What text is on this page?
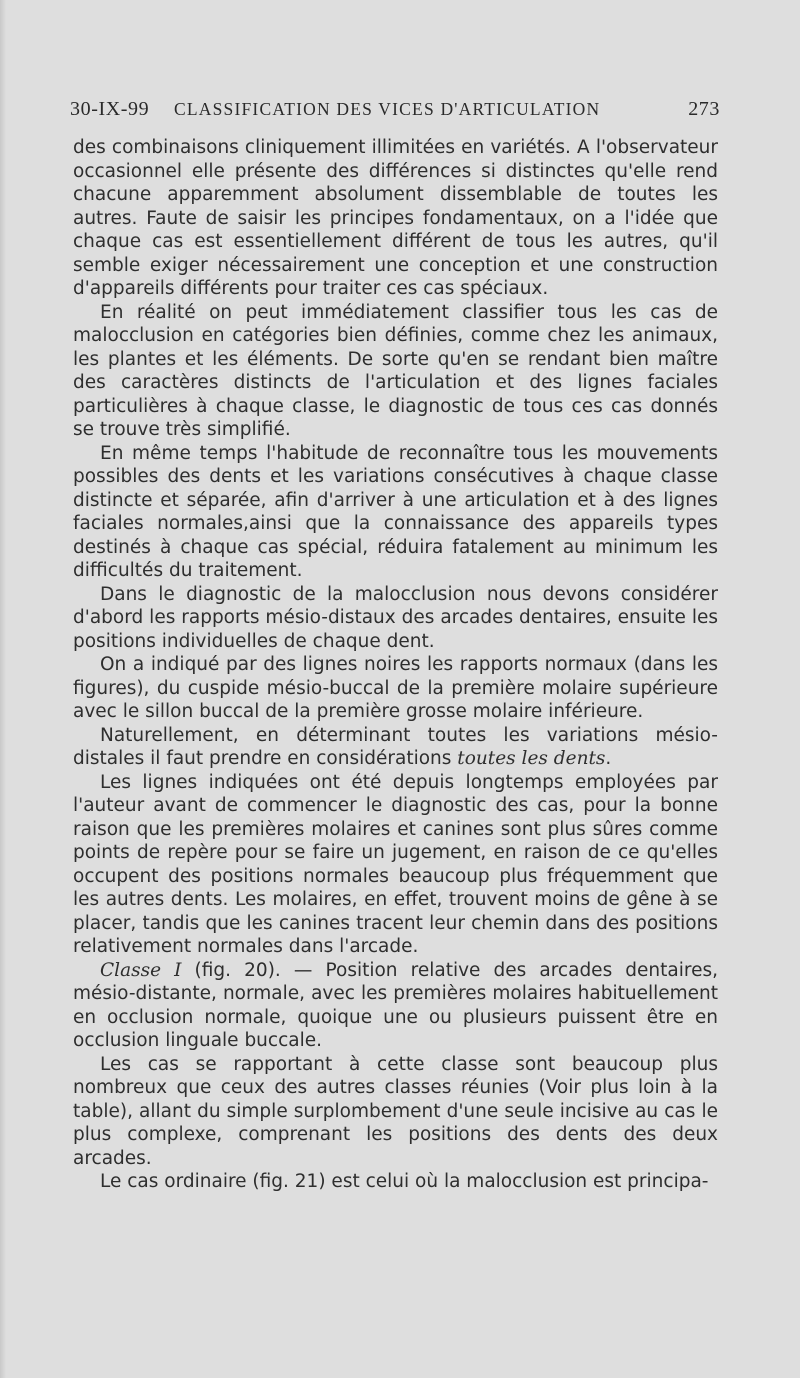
30-IX-99 CLASSIFICATION DES VICES D'ARTICULATION	273

des combinaisons cliniquement illimitées en variétés. A l'observateur occasionnel elle présente des différences si distinctes qu'elle rend chacune apparemment absolument dissemblable de toutes les autres. Faute de saisir les principes fondamentaux, on a l'idée que chaque cas est essentiellement différent de tous les autres, qu'il semble exiger nécessairement une conception et une construction d'appareils différents pour traiter ces cas spéciaux.

En réalité on peut immédiatement classifier tous les cas de malocclusion en catégories bien définies, comme chez les animaux, les plantes et les éléments. De sorte qu'en se rendant bien maître des caractères distincts de l'articulation et des lignes faciales particulières à chaque classe, le diagnostic de tous ces cas donnés se trouve très simplifié.

En même temps l'habitude de reconnaître tous les mouvements possibles des dents et les variations consécutives à chaque classe distincte et séparée, afin d'arriver à une articulation et à des lignes faciales normales,ainsi que la connaissance des appareils types destinés à chaque cas spécial, réduira fatalement au minimum les difficultés du traitement.

Dans le diagnostic de la malocclusion nous devons considérer d'abord les rapports mésio-distaux des arcades dentaires, ensuite les positions individuelles de chaque dent.

On a indiqué par des lignes noires les rapports normaux (dans les figures), du cuspide mésio-buccal de la première molaire supérieure avec le sillon buccal de la première grosse molaire inférieure.

Naturellement, en déterminant toutes les variations mésio-distales il faut prendre en considérations toutes les dents.

Les lignes indiquées ont été depuis longtemps employées par l'auteur avant de commencer le diagnostic des cas, pour la bonne raison que les premières molaires et canines sont plus sûres comme points de repère pour se faire un jugement, en raison de ce qu'elles occupent des positions normales beaucoup plus fréquemment que les autres dents. Les molaires, en effet, trouvent moins de gêne à se placer, tandis que les canines tracent leur chemin dans des positions relativement normales dans l'arcade.

Classe I (fig. 20). — Position relative des arcades dentaires, mésio-distante, normale, avec les premières molaires habituellement en occlusion normale, quoique une ou plusieurs puissent être en occlusion linguale buccale.

Les cas se rapportant à cette classe sont beaucoup plus nombreux que ceux des autres classes réunies (Voir plus loin à la table), allant du simple surplombement d'une seule incisive au cas le plus complexe, comprenant les positions des dents des deux arcades.

Le cas ordinaire (fig. 21) est celui où la malocclusion est principa-
